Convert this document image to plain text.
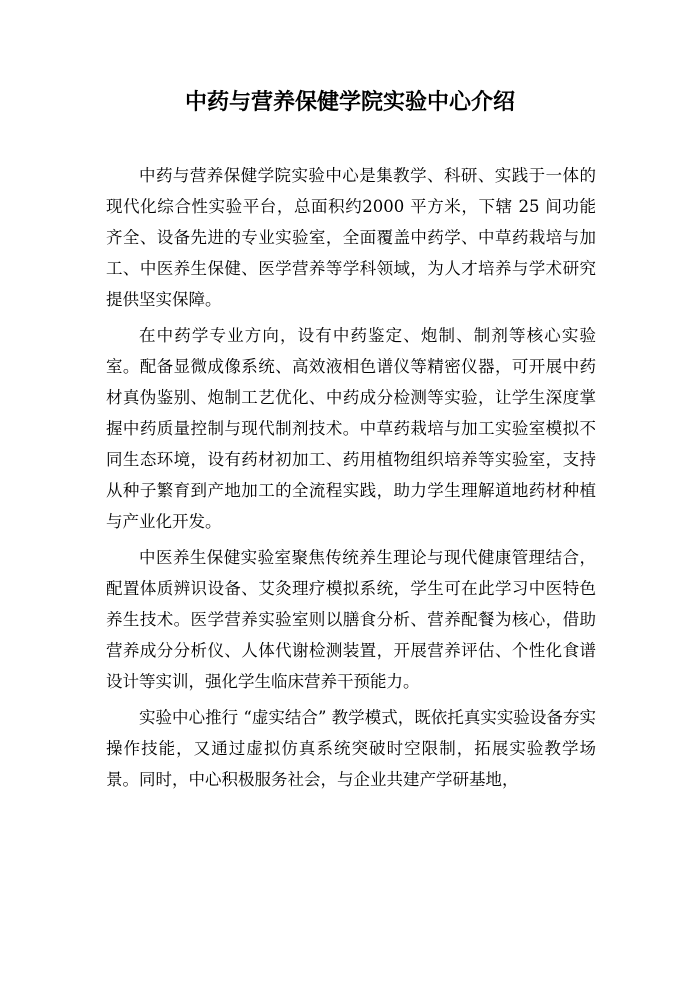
中药与营养保健学院实验中心介绍

中药与营养保健学院实验中心是集教学、科研、实践于一体的现代化综合性实验平台，总面积约2000 平方米，下辖 25 间功能齐全、设备先进的专业实验室，全面覆盖中药学、中草药栽培与加工、中医养生保健、医学营养等学科领域，为人才培养与学术研究提供坚实保障。

在中药学专业方向，设有中药鉴定、炮制、制剂等核心实验室。配备显微成像系统、高效液相色谱仪等精密仪器，可开展中药材真伪鉴别、炮制工艺优化、中药成分检测等实验，让学生深度掌握中药质量控制与现代制剂技术。中草药栽培与加工实验室模拟不同生态环境，设有药材初加工、药用植物组织培养等实验室，支持从种子繁育到产地加工的全流程实践，助力学生理解道地药材种植与产业化开发。

中医养生保健实验室聚焦传统养生理论与现代健康管理结合，配置体质辨识设备、艾灸理疗模拟系统，学生可在此学习中医特色养生技术。医学营养实验室则以膳食分析、营养配餐为核心，借助营养成分分析仪、人体代谢检测装置，开展营养评估、个性化食谱设计等实训，强化学生临床营养干预能力。

实验中心推行 “虚实结合” 教学模式，既依托真实实验设备夯实操作技能，又通过虚拟仿真系统突破时空限制，拓展实验教学场景。同时，中心积极服务社会，与企业共建产学研基地，
